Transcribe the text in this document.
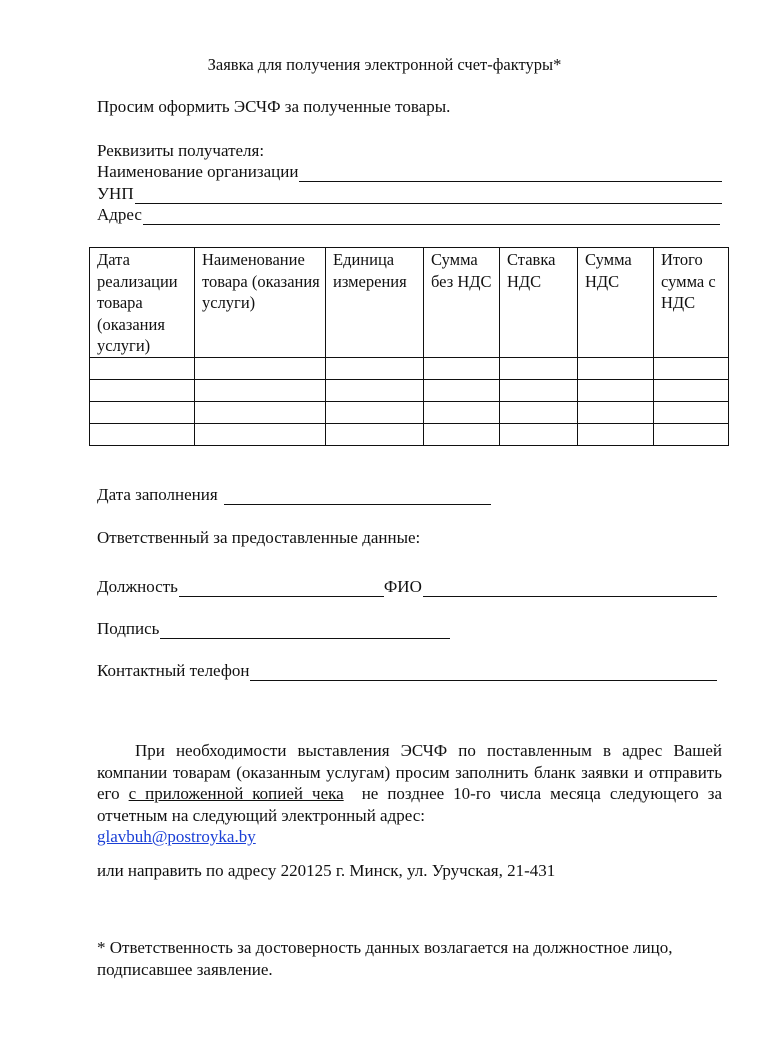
Заявка для получения электронной счет-фактуры*
Просим оформить ЭСЧФ за полученные товары.
Реквизиты получателя:
Наименование организации
УНП
Адрес
Дата реализации товара (оказания услуги)	Наименование товара (оказания услуги)	Единица измерения	Сумма без НДС	Ставка НДС	Сумма НДС	Итого сумма с НДС

Дата заполнения
Ответственный за предоставленные данные:
Должность	ФИО
Подпись
Контактный телефон
При необходимости выставления ЭСЧФ по поставленным в адрес Вашей компании товарам (оказанным услугам) просим заполнить бланк заявки и отправить его с приложенной копией чека не позднее 10-го числа месяца следующего за отчетным на следующий электронный адрес:
glavbuh@postroyka.by
или направить по адресу 220125 г. Минск, ул. Уручская, 21-431
* Ответственность за достоверность данных возлагается на должностное лицо, подписавшее заявление.
